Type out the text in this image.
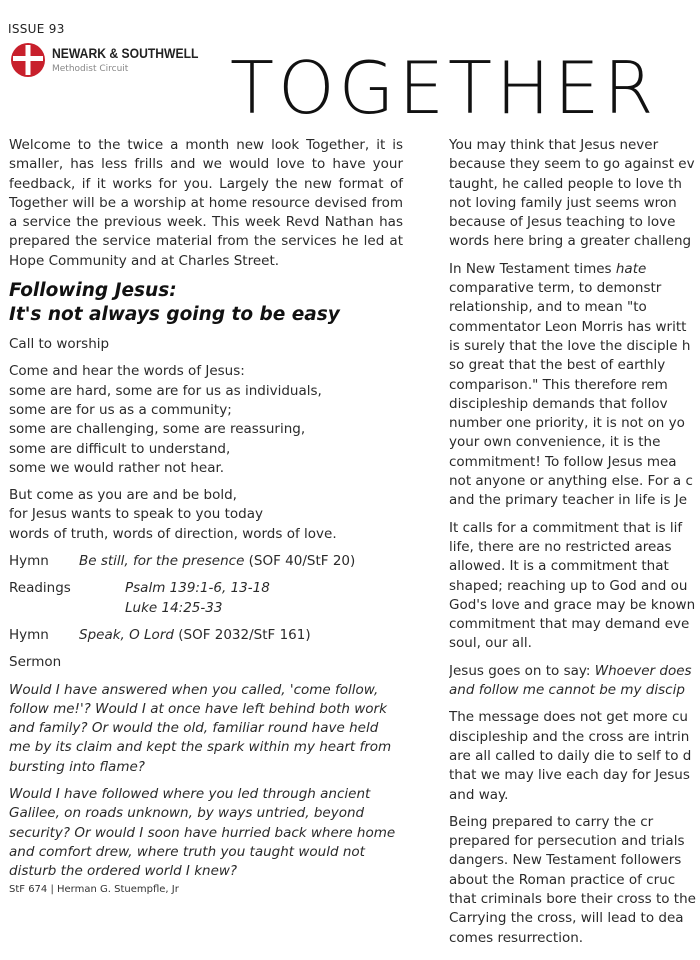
ISSUE 93
NEWARK & SOUTHWELL
Methodist Circuit TOGETHER

Welcome to the twice a month new look Together, it is smaller, has less frills and we would love to have your feedback, if it works for you. Largely the new format of Together will be a worship at home resource devised from a service the previous week. This week Revd Nathan has prepared the service material from the services he led at Hope Community and at Charles Street.

Following Jesus:
It's not always going to be easy

Call to worship

Come and hear the words of Jesus:
some are hard, some are for us as individuals,
some are for us as a community;
some are challenging, some are reassuring,
some are difficult to understand,
some we would rather not hear.

But come as you are and be bold,
for Jesus wants to speak to you today
words of truth, words of direction, words of love.

Hymn	Be still, for the presence (SOF 40/StF 20)
Readings	Psalm 139:1-6, 13-18
Luke 14:25-33
Hymn	Speak, O Lord (SOF 2032/StF 161)

Sermon

Would I have answered when you called, 'come follow, follow me!'? Would I at once have left behind both work and family? Or would the old, familiar round have held me by its claim and kept the spark within my heart from bursting into flame?

Would I have followed where you led through ancient Galilee, on roads unknown, by ways untried, beyond security? Or would I soon have hurried back where home and comfort drew, where truth you taught would not disturb the ordered world I knew?

StF 674 | Herman G. Stuempfle, Jr

You may think that Jesus never
because they seem to go against ev
taught, he called people to love th
not loving family just seems wron
because of Jesus teaching to love
words here bring a greater challeng

In New Testament times hate
comparative term, to demonstr
relationship, and to mean "to
commentator Leon Morris has writt
is surely that the love the disciple h
so great that the best of earthly
comparison." This therefore rem
discipleship demands that follov
number one priority, it is not on yo
your own convenience, it is the
commitment! To follow Jesus mea
not anyone or anything else. For a c
and the primary teacher in life is Je

It calls for a commitment that is lif
life, there are no restricted areas
allowed. It is a commitment that
shaped; reaching up to God and ou
God's love and grace may be known
commitment that may demand eve
soul, our all.

Jesus goes on to say: Whoever does
and follow me cannot be my discip

The message does not get more cu
discipleship and the cross are intrin
are all called to daily die to self to d
that we may live each day for Jesus
and way.

Being prepared to carry the cr
prepared for persecution and trials
dangers. New Testament followers
about the Roman practice of cruc
that criminals bore their cross to the
Carrying the cross, will lead to dea
comes resurrection.
